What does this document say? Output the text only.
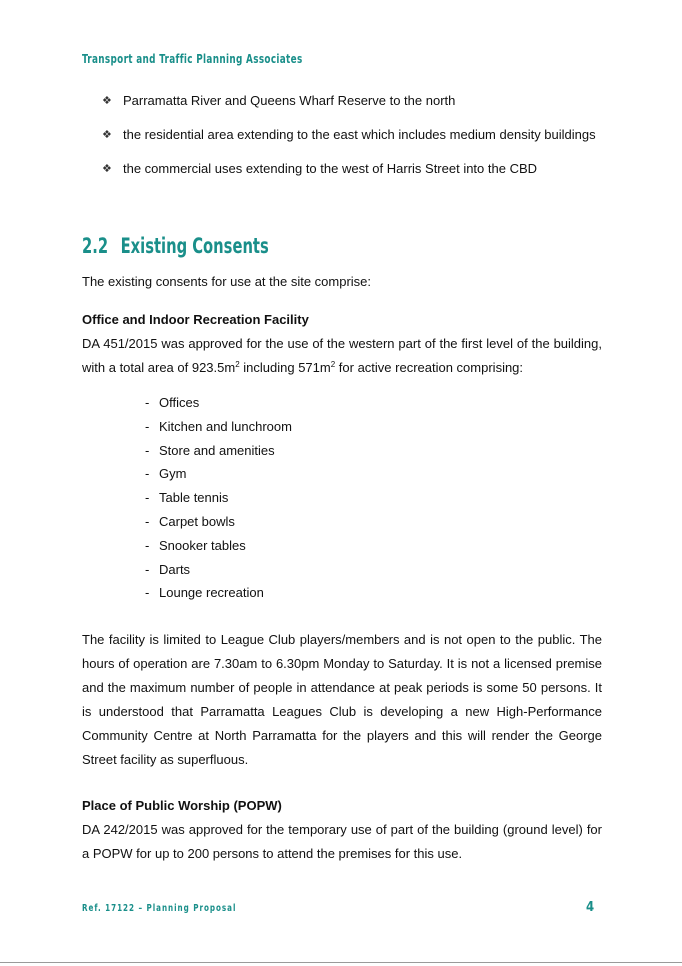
Transport and Traffic Planning Associates
❖ Parramatta River and Queens Wharf Reserve to the north
❖ the residential area extending to the east which includes medium density buildings
❖ the commercial uses extending to the west of Harris Street into the CBD
2.2 Existing Consents
The existing consents for use at the site comprise:
Office and Indoor Recreation Facility
DA 451/2015 was approved for the use of the western part of the first level of the building, with a total area of $923.5m^2$ including $571m^2$ for active recreation comprising:
- Offices
- Kitchen and lunchroom
- Store and amenities
- Gym
- Table tennis
- Carpet bowls
- Snooker tables
- Darts
- Lounge recreation
The facility is limited to League Club players/members and is not open to the public. The hours of operation are 7.30am to 6.30pm Monday to Saturday. It is not a licensed premise and the maximum number of people in attendance at peak periods is some 50 persons. It is understood that Parramatta Leagues Club is developing a new High-Performance Community Centre at North Parramatta for the players and this will render the George Street facility as superfluous.
Place of Public Worship (POPW)
DA 242/2015 was approved for the temporary use of part of the building (ground level) for a POPW for up to 200 persons to attend the premises for this use.
Ref. 17122 – Planning Proposal	4
